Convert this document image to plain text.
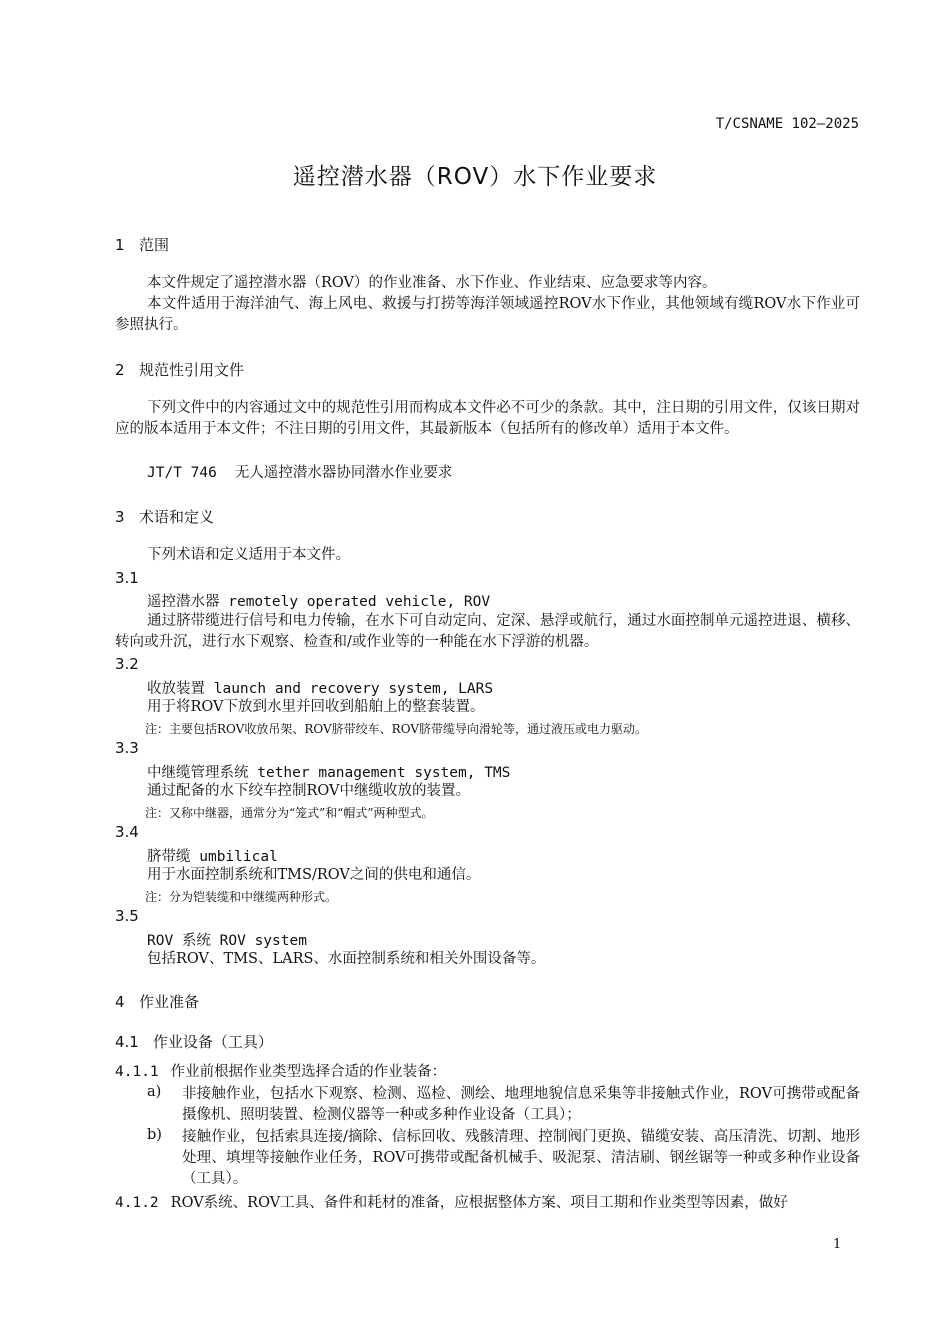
T/CSNAME 102—2025
遥控潜水器（ROV）水下作业要求
1 范围
本文件规定了遥控潜水器（ROV）的作业准备、水下作业、作业结束、应急要求等内容。
本文件适用于海洋油气、海上风电、救援与打捞等海洋领域遥控ROV水下作业，其他领域有缆ROV水下作业可参照执行。
2 规范性引用文件
下列文件中的内容通过文中的规范性引用而构成本文件必不可少的条款。其中，注日期的引用文件，仅该日期对应的版本适用于本文件；不注日期的引用文件，其最新版本（包括所有的修改单）适用于本文件。
JT/T 746 无人遥控潜水器协同潜水作业要求
3 术语和定义
下列术语和定义适用于本文件。
3.1
遥控潜水器 remotely operated vehicle, ROV
通过脐带缆进行信号和电力传输，在水下可自动定向、定深、悬浮或航行，通过水面控制单元遥控进退、横移、转向或升沉，进行水下观察、检查和/或作业等的一种能在水下浮游的机器。
3.2
收放装置 launch and recovery system, LARS
用于将ROV下放到水里并回收到船舶上的整套装置。
注：主要包括ROV收放吊架、ROV脐带绞车、ROV脐带缆导向滑轮等，通过液压或电力驱动。
3.3
中继缆管理系统 tether management system, TMS
通过配备的水下绞车控制ROV中继缆收放的装置。
注：又称中继器，通常分为“笼式”和“帽式”两种型式。
3.4
脐带缆 umbilical
用于水面控制系统和TMS/ROV之间的供电和通信。
注：分为铠装缆和中继缆两种形式。
3.5
ROV 系统 ROV system
包括ROV、TMS、LARS、水面控制系统和相关外围设备等。
4 作业准备
4.1 作业设备（工具）
4.1.1 作业前根据作业类型选择合适的作业装备：
a) 非接触作业，包括水下观察、检测、巡检、测绘、地理地貌信息采集等非接触式作业，ROV可携带或配备摄像机、照明装置、检测仪器等一种或多种作业设备（工具）；
b) 接触作业，包括索具连接/摘除、信标回收、残骸清理、控制阀门更换、锚缆安装、高压清洗、切割、地形处理、填埋等接触作业任务，ROV可携带或配备机械手、吸泥泵、清洁刷、钢丝锯等一种或多种作业设备（工具）。
4.1.2 ROV系统、ROV工具、备件和耗材的准备，应根据整体方案、项目工期和作业类型等因素，做好
1
